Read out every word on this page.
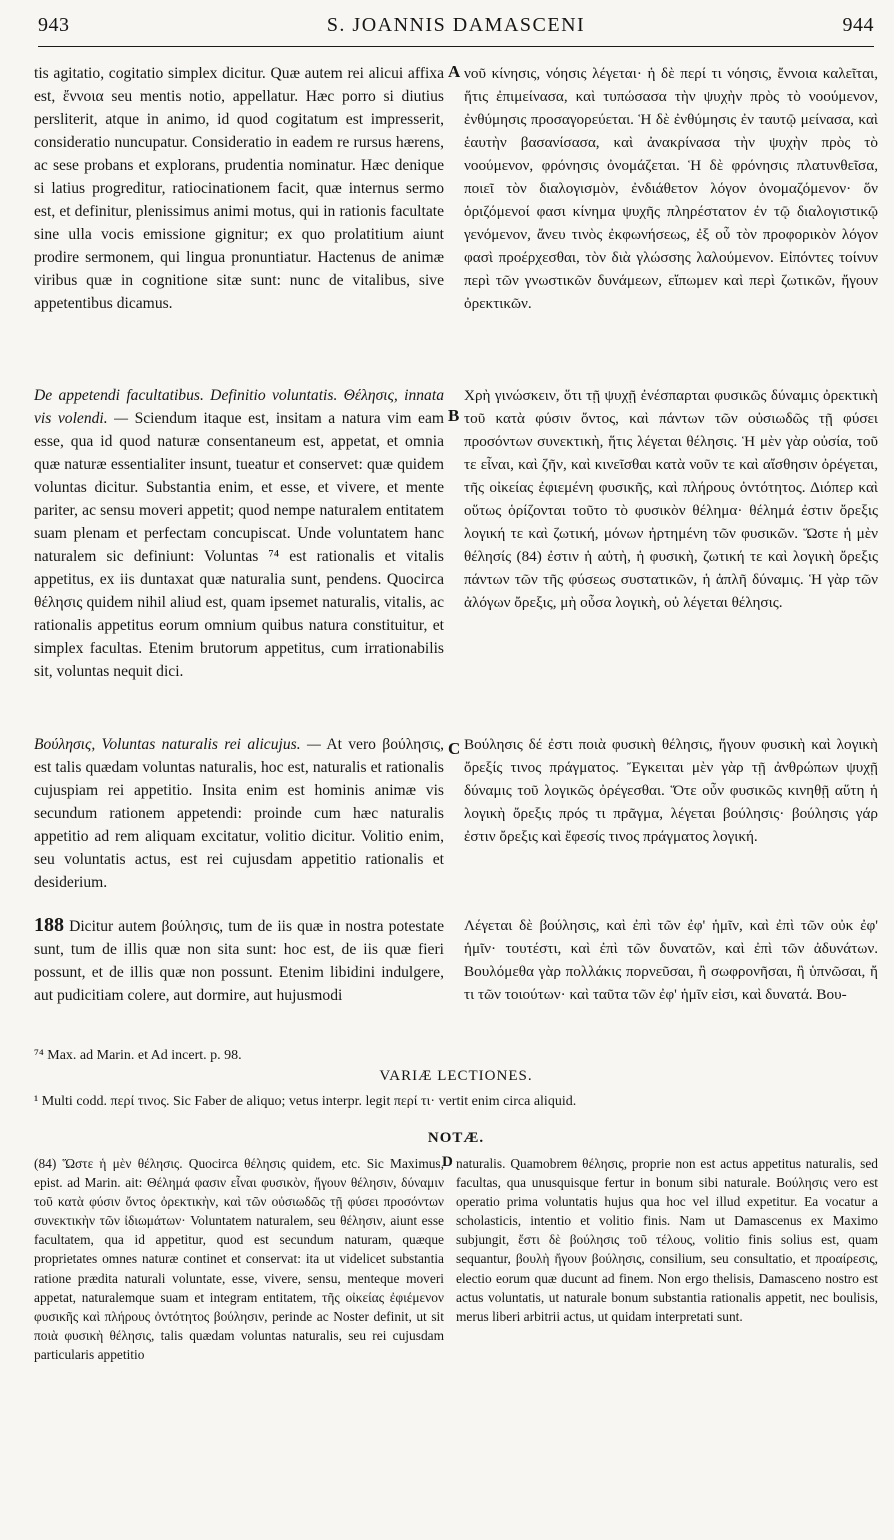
943	S. JOANNIS DAMASCENI	944
A
B
C

tis agitatio, cogitatio simplex dicitur. Quæ autem rei alicui affixa est, ἔννοια seu mentis notio, appellatur. Hæc porro si diutius persliterit, atque in animo, id quod cogitatum est impresserit, consideratio nuncupatur. Consideratio in eadem re rursus hærens, ac sese probans et explorans, prudentia nominatur. Hæc denique si latius progreditur, ratiocinationem facit, quæ internus sermo est, et definitur, plenissimus animi motus, qui in rationis facultate sine ulla vocis emissione gignitur; ex quo prolatitium aiunt prodire sermonem, qui lingua pronuntiatur. Hactenus de animæ viribus quæ in cognitione sitæ sunt: nunc de vitalibus, sive appetentibus dicamus.

νοῦ κίνησις, νόησις λέγεται· ἡ δὲ περί τι νόησις, ἔννοια καλεῖται, ἥτις ἐπιμείνασα, καὶ τυπώσασα τὴν ψυχὴν πρὸς τὸ νοούμενον, ἐνθύμησις προσαγορεύεται. Ἡ δὲ ἐνθύμησις ἐν ταυτῷ μείνασα, καὶ ἑαυτὴν βασανίσασα, καὶ ἀνακρίνασα τὴν ψυχὴν πρὸς τὸ νοούμενον, φρόνησις ὀνομάζεται. Ἡ δὲ φρόνησις πλατυνθεῖσα, ποιεῖ τὸν διαλογισμὸν, ἐνδιάθετον λόγον ὀνομαζόμενον· ὅν ὁριζόμενοί φασι κίνημα ψυχῆς πληρέστατον ἐν τῷ διαλογιστικῷ γενόμενον, ἄνευ τινὸς ἐκφωνήσεως, ἐξ οὗ τὸν προφορικὸν λόγον φασὶ προέρχεσθαι, τὸν διὰ γλώσσης λαλούμενον. Εἰπόντες τοίνυν περὶ τῶν γνωστικῶν δυνάμεων, εἴπωμεν καὶ περὶ ζωτικῶν, ἤγουν ὀρεκτικῶν.

De appetendi facultatibus. Definitio voluntatis. Θέλησις, innata vis volendi. — Sciendum itaque est, insitam a natura vim eam esse, qua id quod naturæ consentaneum est, appetat, et omnia quæ naturæ essentialiter insunt, tueatur et conservet: quæ quidem voluntas dicitur. Substantia enim, et esse, et vivere, et mente pariter, ac sensu moveri appetit; quod nempe naturalem entitatem suam plenam et perfectam concupiscat. Unde voluntatem hanc naturalem sic definiunt: Voluntas ⁷⁴ est rationalis et vitalis appetitus, ex iis duntaxat quæ naturalia sunt, pendens. Quocirca θέλησις quidem nihil aliud est, quam ipsemet naturalis, vitalis, ac rationalis appetitus eorum omnium quibus natura constituitur, et simplex facultas. Etenim brutorum appetitus, cum irrationabilis sit, voluntas nequit dici.

Χρὴ γινώσκειν, ὅτι τῇ ψυχῇ ἐνέσπαρται φυσικῶς δύναμις ὀρεκτικὴ τοῦ κατὰ φύσιν ὄντος, καὶ πάντων τῶν οὐσιωδῶς τῇ φύσει προσόντων συνεκτικὴ, ἥτις λέγεται θέλησις. Ἡ μὲν γὰρ οὐσία, τοῦ τε εἶναι, καὶ ζῆν, καὶ κινεῖσθαι κατὰ νοῦν τε καὶ αἴσθησιν ὀρέγεται, τῆς οἰκείας ἐφιεμένη φυσικῆς, καὶ πλήρους ὀντότητος. Διόπερ καὶ οὕτως ὁρίζονται τοῦτο τὸ φυσικὸν θέλημα· θέλημά ἐστιν ὄρεξις λογική τε καὶ ζωτική, μόνων ἠρτημένη τῶν φυσικῶν. Ὥστε ἡ μὲν θέλησίς (84) ἐστιν ἡ αὐτὴ, ἡ φυσικὴ, ζωτική τε καὶ λογικὴ ὄρεξις πάντων τῶν τῆς φύσεως συστατικῶν, ἡ ἁπλῆ δύναμις. Ἡ γὰρ τῶν ἀλόγων ὄρεξις, μὴ οὖσα λογικὴ, οὐ λέγεται θέλησις.

Βούλησις, Voluntas naturalis rei alicujus. — At vero βούλησις, est talis quædam voluntas naturalis, hoc est, naturalis et rationalis cujuspiam rei appetitio. Insita enim est hominis animæ vis secundum rationem appetendi: proinde cum hæc naturalis appetitio ad rem aliquam excitatur, volitio dicitur. Volitio enim, seu voluntatis actus, est rei cujusdam appetitio rationalis et desiderium.

Βούλησις δέ ἐστι ποιὰ φυσικὴ θέλησις, ἤγουν φυσικὴ καὶ λογικὴ ὄρεξίς τινος πράγματος. Ἔγκειται μὲν γὰρ τῇ ἀνθρώπων ψυχῇ δύναμις τοῦ λογικῶς ὀρέγεσθαι. Ὅτε οὖν φυσικῶς κινηθῇ αὕτη ἡ λογικὴ ὄρεξις πρός τι πρᾶγμα, λέγεται βούλησις· βούλησις γάρ ἐστιν ὄρεξις καὶ ἔφεσίς τινος πράγματος λογική.

188 Dicitur autem βούλησις, tum de iis quæ in nostra potestate sunt, tum de illis quæ non sita sunt: hoc est, de iis quæ fieri possunt, et de illis quæ non possunt. Etenim libidini indulgere, aut pudicitiam colere, aut dormire, aut hujusmodi

Λέγεται δὲ βούλησις, καὶ ἐπὶ τῶν ἐφ' ἡμῖν, καὶ ἐπὶ τῶν οὐκ ἐφ' ἡμῖν· τουτέστι, καὶ ἐπὶ τῶν δυνατῶν, καὶ ἐπὶ τῶν ἀδυνάτων. Βουλόμεθα γὰρ πολλάκις πορνεῦσαι, ἢ σωφρονῆσαι, ἢ ὑπνῶσαι, ἤ τι τῶν τοιούτων· καὶ ταῦτα τῶν ἐφ' ἡμῖν εἰσι, καὶ δυνατά. Βου-

⁷⁴ Max. ad Marin. et Ad incert. p. 98.
VARIÆ LECTIONES.
¹ Multi codd. περί τινος. Sic Faber de aliquo; vetus interpr. legit περί τι· vertit enim circa aliquid.
NOTÆ.
D
(84) Ὥστε ἡ μὲν θέλησις. Quocirca θέλησις quidem, etc. Sic Maximus, epist. ad Marin. ait: Θέλημά φασιν εἶναι φυσικὸν, ἤγουν θέλησιν, δύναμιν τοῦ κατὰ φύσιν ὄντος ὀρεκτικὴν, καὶ τῶν οὐσιωδῶς τῇ φύσει προσόντων συνεκτικὴν τῶν ἰδιωμάτων· Voluntatem naturalem, seu θέλησιν, aiunt esse facultatem, qua id appetitur, quod est secundum naturam, quæque proprietates omnes naturæ continet et conservat: ita ut videlicet substantia ratione prædita naturali voluntate, esse, vivere, sensu, menteque moveri appetat, naturalemque suam et integram entitatem, τῆς οἰκείας ἐφιέμενον φυσικῆς καὶ πλήρους ὀντότητος βούλησιν, perinde ac Noster definit, ut sit ποιὰ φυσικὴ θέλησις, talis quædam voluntas naturalis, seu rei cujusdam particularis appetitio
naturalis. Quamobrem θέλησις, proprie non est actus appetitus naturalis, sed facultas, qua unusquisque fertur in bonum sibi naturale. Βούλησις vero est operatio prima voluntatis hujus qua hoc vel illud expetitur. Ea vocatur a scholasticis, intentio et volitio finis. Nam ut Damascenus ex Maximo subjungit, ἔστι δὲ βούλησις τοῦ τέλους, volitio finis solius est, quam sequantur, βουλὴ ἤγουν βούλησις, consilium, seu consultatio, et προαίρεσις, electio eorum quæ ducunt ad finem. Non ergo thelisis, Damasceno nostro est actus voluntatis, ut naturale bonum substantia rationalis appetit, nec boulisis, merus liberi arbitrii actus, ut quidam interpretati sunt.
